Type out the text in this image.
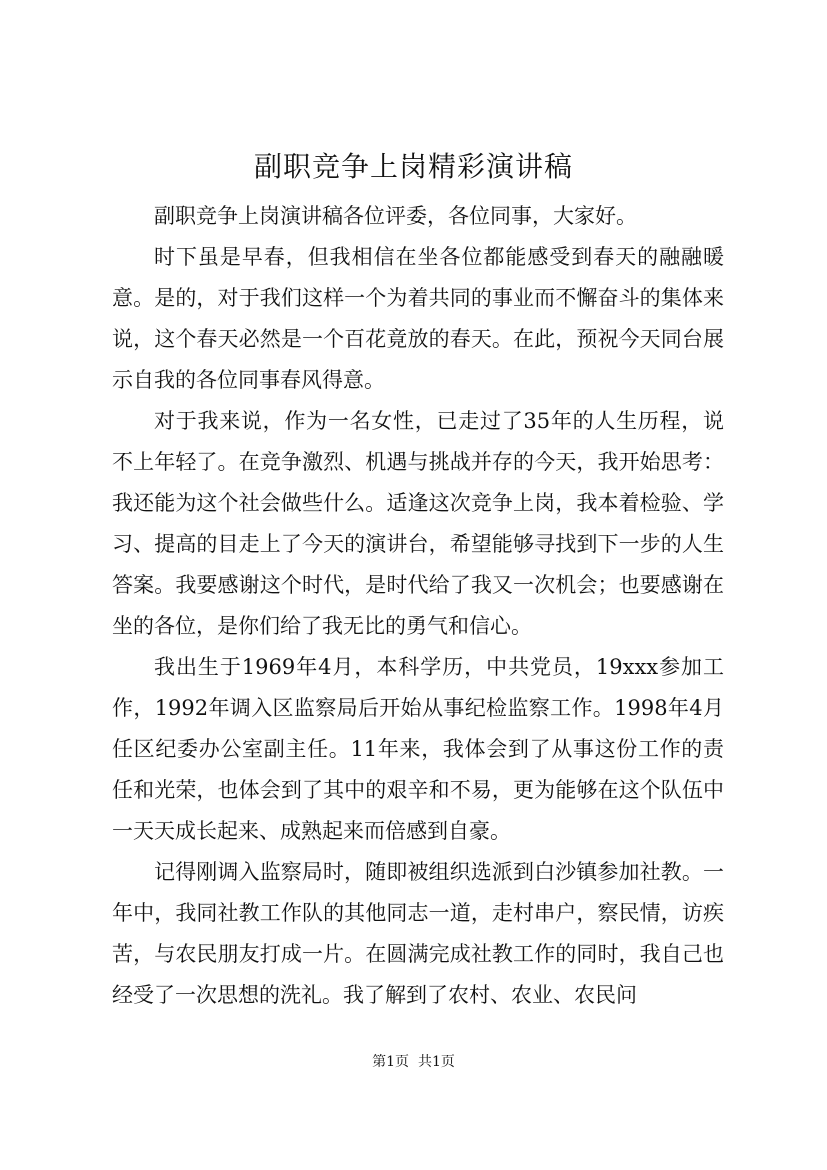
副职竞争上岗精彩演讲稿

副职竞争上岗演讲稿各位评委，各位同事，大家好。

时下虽是早春，但我相信在坐各位都能感受到春天的融融暖意。是的，对于我们这样一个为着共同的事业而不懈奋斗的集体来说，这个春天必然是一个百花竟放的春天。在此，预祝今天同台展示自我的各位同事春风得意。

对于我来说，作为一名女性，已走过了35年的人生历程，说不上年轻了。在竞争激烈、机遇与挑战并存的今天，我开始思考：我还能为这个社会做些什么。适逢这次竞争上岗，我本着检验、学习、提高的目走上了今天的演讲台，希望能够寻找到下一步的人生答案。我要感谢这个时代，是时代给了我又一次机会；也要感谢在坐的各位，是你们给了我无比的勇气和信心。

我出生于1969年4月，本科学历，中共党员，19xxx参加工作，1992年调入区监察局后开始从事纪检监察工作。1998年4月任区纪委办公室副主任。11年来，我体会到了从事这份工作的责任和光荣，也体会到了其中的艰辛和不易，更为能够在这个队伍中一天天成长起来、成熟起来而倍感到自豪。

记得刚调入监察局时，随即被组织选派到白沙镇参加社教。一年中，我同社教工作队的其他同志一道，走村串户，察民情，访疾苦，与农民朋友打成一片。在圆满完成社教工作的同时，我自己也经受了一次思想的洗礼。我了解到了农村、农业、农民问

第1页  共1页
